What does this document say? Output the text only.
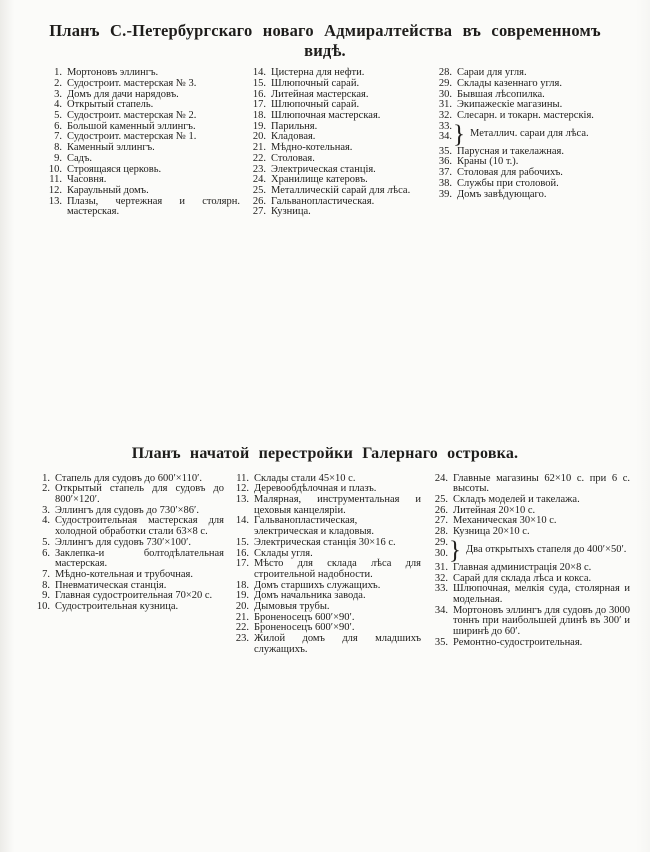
Планъ С.-Петербургскаго новаго Адмиралтейства въ современномъ
видѣ.
1. Мортоновъ эллингъ.
2. Судостроит. мастерская № 3.
3. Домъ для дачи нарядовъ.
4. Открытый стапель.
5. Судостроит. мастерская № 2.
6. Большой каменный эллингъ.
7. Судостроит. мастерская № 1.
8. Каменный эллингъ.
9. Садъ.
10. Строящаяся церковь.
11. Часовня.
12. Караульный домъ.
13. Плазы, чертежная и столярн. мастерская.
14. Цистерна для нефти.
15. Шлюпочный сарай.
16. Литейная мастерская.
17. Шлюпочный сарай.
18. Шлюпочная мастерская.
19. Парильня.
20. Кладовая.
21. Мѣдно-котельная.
22. Столовая.
23. Электрическая станція.
24. Хранилище катеровъ.
25. Металлическій сарай для лѣса.
26. Гальванопластическая.
27. Кузница.
28. Сараи для угля.
29. Склады казеннаго угля.
30. Бывшая лѣсопилка.
31. Экипажескіе магазины.
32. Слесарн. и токарн. мастерскія.
33.
34. } Металлич. сараи для лѣса.
35. Парусная и такелажная.
36. Краны (10 т.).
37. Столовая для рабочихъ.
38. Службы при столовой.
39. Домъ завѣдующаго.
Планъ начатой перестройки Галернаго островка.
1. Стапель для судовъ до 600′×110′.
2. Открытый стапель для судовъ до 800′×120′.
3. Эллингъ для судовъ до 730′×86′.
4. Судостроительная мастерская для холодной обработки стали 63×8 с.
5. Эллингъ для судовъ 730′×100′.
6. Заклепка-и болтодѣлательная мастерская.
7. Мѣдно-котельная и трубочная.
8. Пневматическая станція.
9. Главная судостроительная 70×20 с.
10. Судостроительная кузница.
11. Склады стали 45×10 с.
12. Деревообдѣлочная и плазъ.
13. Малярная, инструментальная и цеховыя канцеляріи.
14. Гальванопластическая, электрическая и кладовыя.
15. Электрическая станція 30×16 с.
16. Склады угля.
17. Мѣсто для склада лѣса для строительной надобности.
18. Домъ старшихъ служащихъ.
19. Домъ начальника завода.
20. Дымовыя трубы.
21. Броненосецъ 600′×90′.
22. Броненосецъ 600′×90′.
23. Жилой домъ для младшихъ служащихъ.
24. Главные магазины 62×10 с. при 6 с. высоты.
25. Складъ моделей и такелажа.
26. Литейная 20×10 с.
27. Механическая 30×10 с.
28. Кузница 20×10 с.
29.
30. } Два открытыхъ стапеля до 400′×50′.
31. Главная администрація 20×8 с.
32. Сарай для склада лѣса и кокса.
33. Шлюпочная, мелкія суда, столярная и модельная.
34. Мортоновъ эллингъ для судовъ до 3000 тоннъ при наибольшей длинѣ въ 300′ и ширинѣ до 60′.
35. Ремонтно-судостроительная.
